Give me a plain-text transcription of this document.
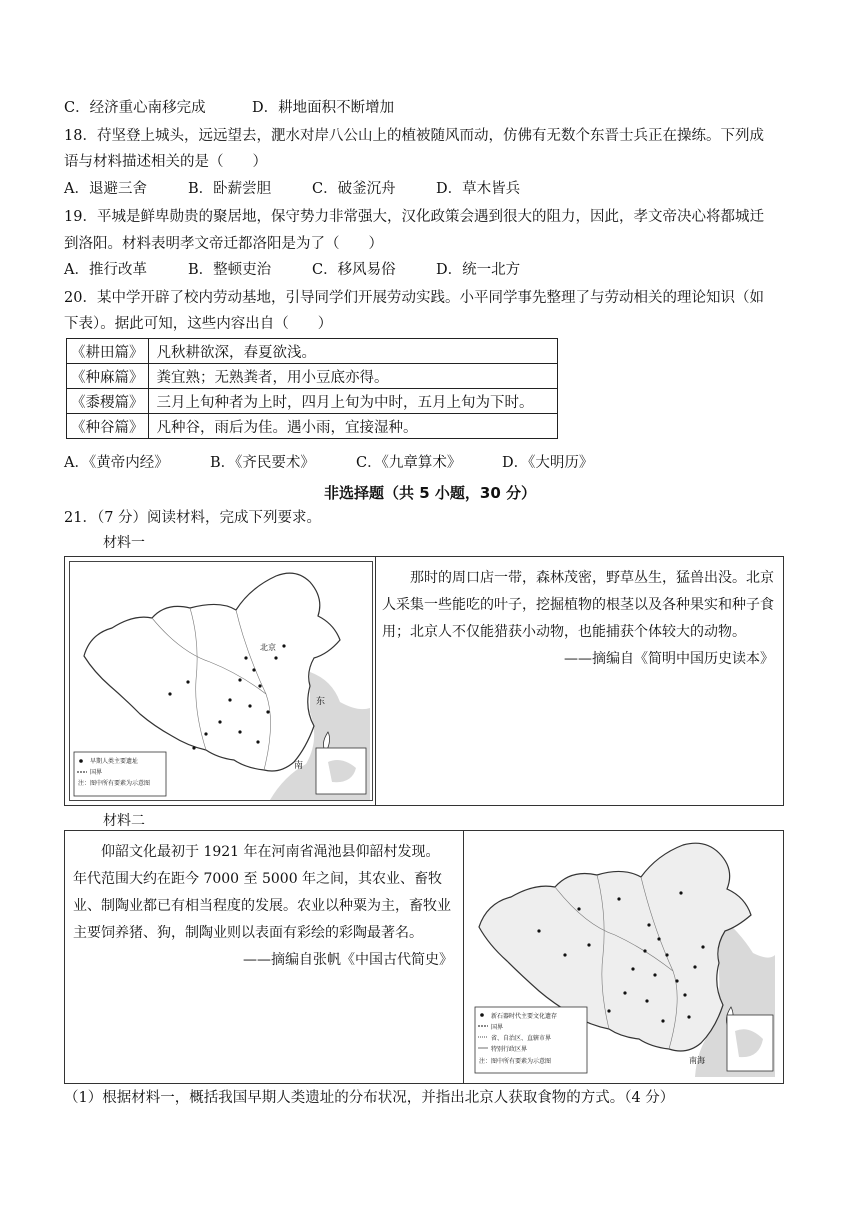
C．经济重心南移完成	D．耕地面积不断增加
18．苻坚登上城头，远远望去，淝水对岸八公山上的植被随风而动，仿佛有无数个东晋士兵正在操练。下列成
语与材料描述相关的是（　　）
A．退避三舍	B．卧薪尝胆	C．破釜沉舟	D．草木皆兵
19．平城是鲜卑勋贵的聚居地，保守势力非常强大，汉化政策会遇到很大的阻力，因此，孝文帝决心将都城迁
到洛阳。材料表明孝文帝迁都洛阳是为了（　　）
A．推行改革	B．整顿吏治	C．移风易俗	D．统一北方
20．某中学开辟了校内劳动基地，引导同学们开展劳动实践。小平同学事先整理了与劳动相关的理论知识（如
下表）。据此可知，这些内容出自（　　）
《耕田篇》	凡秋耕欲深，春夏欲浅。
《种麻篇》	粪宜熟；无熟粪者，用小豆底亦得。
《黍稷篇》	三月上旬种者为上时，四月上旬为中时，五月上旬为下时。
《种谷篇》	凡种谷，雨后为佳。遇小雨，宜接湿种。
A．《黄帝内经》	B．《齐民要术》	C．《九章算术》	D．《大明历》
非选择题（共 5 小题，30 分）
21．（7 分）阅读材料，完成下列要求。
材料一
北京
东
南
早期人类主要遗址
国界
注：图中所有要素为示意图
那时的周口店一带，森林茂密，野草丛生，猛兽出没。北京人采集一些能吃的叶子，挖掘植物的根茎以及各种果实和种子食用；北京人不仅能猎获小动物，也能捕获个体较大的动物。
——摘编自《简明中国历史读本》
材料二
仰韶文化最初于 1921 年在河南省渑池县仰韶村发现。年代范围大约在距今 7000 至 5000 年之间，其农业、畜牧业、制陶业都已有相当程度的发展。农业以种粟为主，畜牧业主要饲养猪、狗，制陶业则以表面有彩绘的彩陶最著名。
——摘编自张帆《中国古代简史》
南海
新石器时代主要文化遗存
国界
省、自治区、直辖市界
特别行政区界
注：图中所有要素为示意图
（1）根据材料一，概括我国早期人类遗址的分布状况，并指出北京人获取食物的方式。（4 分）
